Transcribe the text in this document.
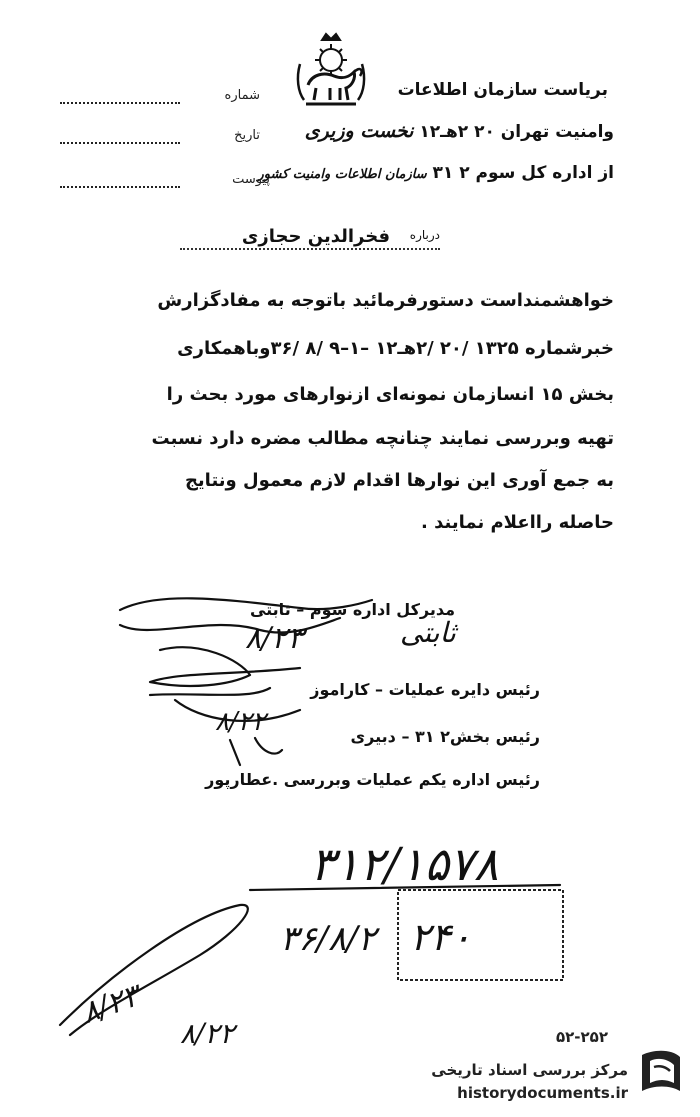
بریاست سازمان اطلاعات
وامنیت تهران ۲۰ ۲هـ۱۲ نخست وزیری
از اداره کل سوم ۲ ۳۱ سازمان اطلاعات وامنیت کشور
شماره
تاریخ
پیوست
درباره
فخرالدین حجازی
خواهشمنداست دستورفرمائید باتوجه به مفادگزارش
خبرشماره ۱۳۲۵ /۲۰ /۲هـ۱۲ –۱–۹ /۸ /۳۶وباهمکاری
بخش ۱۵ انسازمان نمونه‌ای ازنوارهای مورد بحث را
تهیه وبررسی نمایند چنانچه مطالب مضره دارد نسبت
به جمع آوری این نوارها اقدام لازم معمول ونتایج
حاصله رااعلام نمایند .
مدیرکل اداره سوم – ثابتی
رئیس دایره عملیات – کاراموز
رئیس بخش۲ ۳۱ – دبیری
رئیس اداره یکم عملیات وبررسی .عطارپور
ثابتی
۸/۲۳
۸/۲۲
۳۱۲/۱۵۷۸
۲۴۰
۳۶/۸/۲
۸/۲۳
۸/۲۲	۵۲-۲۵۲
مرکز بررسی اسناد تاریخی
historydocuments.ir
